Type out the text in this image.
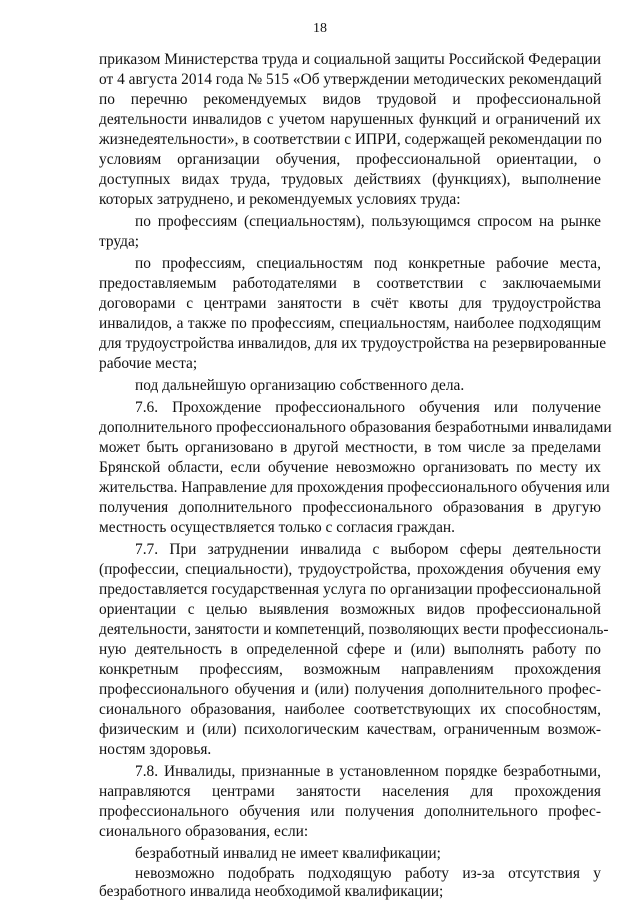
18
приказом Министерства труда и социальной защиты Российской Федерации
от 4 августа 2014 года № 515 «Об утверждении методических рекомендаций
по перечню рекомендуемых видов трудовой и профессиональной
деятельности инвалидов с учетом нарушенных функций и ограничений их
жизнедеятельности», в соответствии с ИПРИ, содержащей рекомендации по
условиям организации обучения, профессиональной ориентации, о
доступных видах труда, трудовых действиях (функциях), выполнение
которых затруднено, и рекомендуемых условиях труда:
по профессиям (специальностям), пользующимся спросом на рынке
труда;
по профессиям, специальностям под конкретные рабочие места,
предоставляемым работодателями в соответствии с заключаемыми
договорами с центрами занятости в счёт квоты для трудоустройства
инвалидов, а также по профессиям, специальностям, наиболее подходящим
для трудоустройства инвалидов, для их трудоустройства на резервированные
рабочие места;
под дальнейшую организацию собственного дела.
7.6. Прохождение профессионального обучения или получение
дополнительного профессионального образования безработными инвалидами
может быть организовано в другой местности, в том числе за пределами
Брянской области, если обучение невозможно организовать по месту их
жительства. Направление для прохождения профессионального обучения или
получения дополнительного профессионального образования в другую
местность осуществляется только с согласия граждан.
7.7. При затруднении инвалида с выбором сферы деятельности
(профессии, специальности), трудоустройства, прохождения обучения ему
предоставляется государственная услуга по организации профессиональной
ориентации с целью выявления возможных видов профессиональной
деятельности, занятости и компетенций, позволяющих вести профессиональ-
ную деятельность в определенной сфере и (или) выполнять работу по
конкретным профессиям, возможным направлениям прохождения
профессионального обучения и (или) получения дополнительного профес-
сионального образования, наиболее соответствующих их способностям,
физическим и (или) психологическим качествам, ограниченным возмож-
ностям здоровья.
7.8. Инвалиды, признанные в установленном порядке безработными,
направляются центрами занятости населения для прохождения
профессионального обучения или получения дополнительного профес-
сионального образования, если:
безработный инвалид не имеет квалификации;
невозможно подобрать подходящую работу из-за отсутствия у
безработного инвалида необходимой квалификации;
